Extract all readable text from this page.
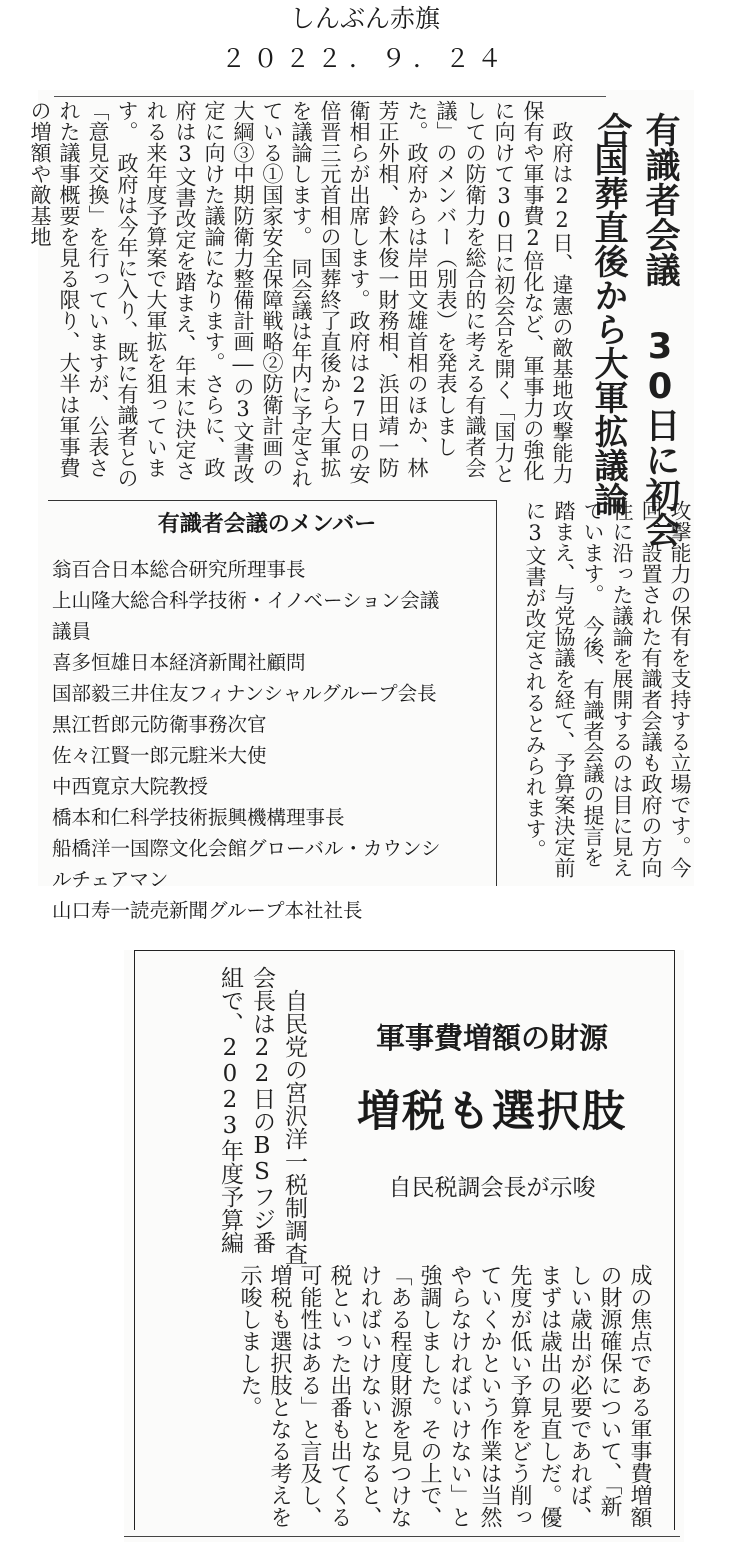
しんぶん赤旗
２０２２．９．２４
有識者会議 30日に初会合
国葬直後から大軍拡議論
　政府は22日、違憲の敵基地攻撃能力保有や軍事費2倍化など、軍事力の強化に向けて30日に初会合を開く「国力としての防衛力を総合的に考える有識者会議」のメンバー（別表）を発表しました。政府からは岸田文雄首相のほか、林芳正外相、鈴木俊一財務相、浜田靖一防衛相らが出席します。政府は27日の安倍晋三元首相の国葬終了直後から大軍拡を議論します。　同会議は年内に予定されている①国家安全保障戦略②防衛計画の大綱③中期防衛力整備計画―の3文書改定に向けた議論になります。さらに、政府は3文書改定を踏まえ、年末に決定される来年度予算案で大軍拡を狙っています。　政府は今年に入り、既に有識者との「意見交換」を行っていますが、公表された議事概要を見る限り、大半は軍事費の増額や敵基地
有識者会議のメンバー
翁百合日本総合研究所理事長
上山隆大総合科学技術・イノベーション会議
議員
喜多恒雄日本経済新聞社顧問
国部毅三井住友フィナンシャルグループ会長
黒江哲郎元防衛事務次官
佐々江賢一郎元駐米大使
中西寛京大院教授
橋本和仁科学技術振興機構理事長
船橋洋一国際文化会館グローバル・カウンシ
ルチェアマン
山口寿一読売新聞グループ本社社長
攻撃能力の保有を支持する立場です。今回、設置された有識者会議も政府の方向性に沿った議論を展開するのは目に見えています。　今後、有識者会議の提言を踏まえ、与党協議を経て、予算案決定前に3文書が改定されるとみられます。
　自民党の宮沢洋一税制調査会長は22日のBSフジ番組で、2023年度予算編	軍事費増額の財源
増税も選択肢
自民税調会長が示唆
成の焦点である軍事費増額の財源確保について、「新しい歳出が必要であれば、まずは歳出の見直しだ。優先度が低い予算をどう削っていくかという作業は当然やらなければいけない」と強調しました。その上で、「ある程度財源を見つけなければいけないとなると、税といった出番も出てくる可能性はある」と言及し、増税も選択肢となる考えを示唆しました。
